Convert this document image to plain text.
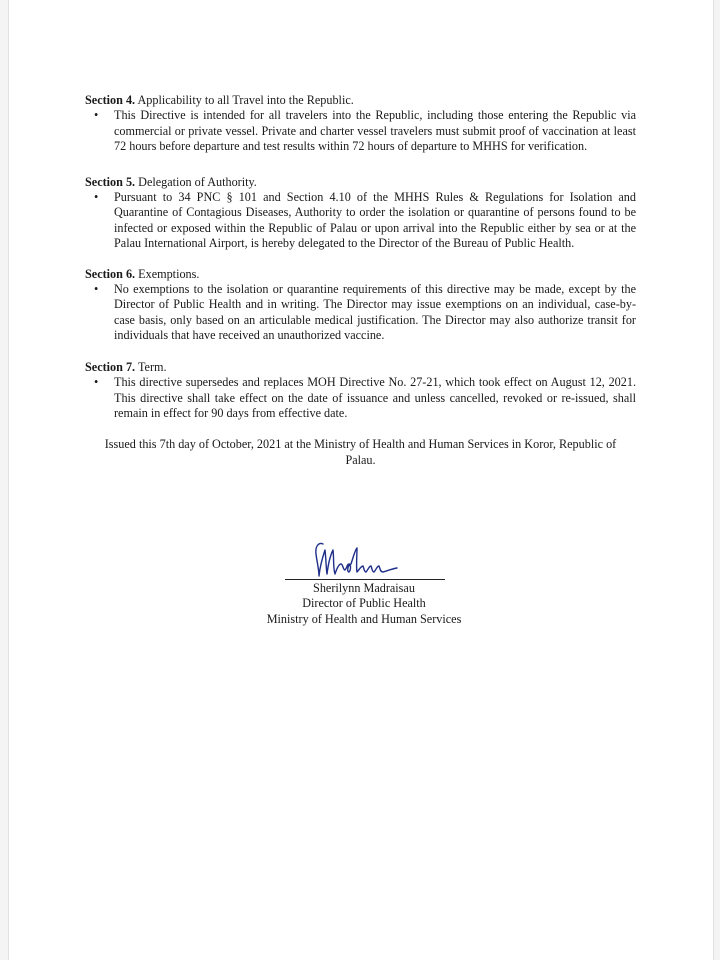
Section 4. Applicability to all Travel into the Republic.

• This Directive is intended for all travelers into the Republic, including those entering the Republic via commercial or private vessel. Private and charter vessel travelers must submit proof of vaccination at least 72 hours before departure and test results within 72 hours of departure to MHHS for verification.

Section 5. Delegation of Authority.

• Pursuant to 34 PNC § 101 and Section 4.10 of the MHHS Rules & Regulations for Isolation and Quarantine of Contagious Diseases, Authority to order the isolation or quarantine of persons found to be infected or exposed within the Republic of Palau or upon arrival into the Republic either by sea or at the Palau International Airport, is hereby delegated to the Director of the Bureau of Public Health.

Section 6. Exemptions.

• No exemptions to the isolation or quarantine requirements of this directive may be made, except by the Director of Public Health and in writing. The Director may issue exemptions on an individual, case-by-case basis, only based on an articulable medical justification. The Director may also authorize transit for individuals that have received an unauthorized vaccine.

Section 7. Term.

• This directive supersedes and replaces MOH Directive No. 27-21, which took effect on August 12, 2021. This directive shall take effect on the date of issuance and unless cancelled, revoked or re-issued, shall remain in effect for 90 days from effective date.

Issued this 7th day of October, 2021 at the Ministry of Health and Human Services in Koror, Republic of Palau.

Sherilynn Madraisau
Director of Public Health
Ministry of Health and Human Services
